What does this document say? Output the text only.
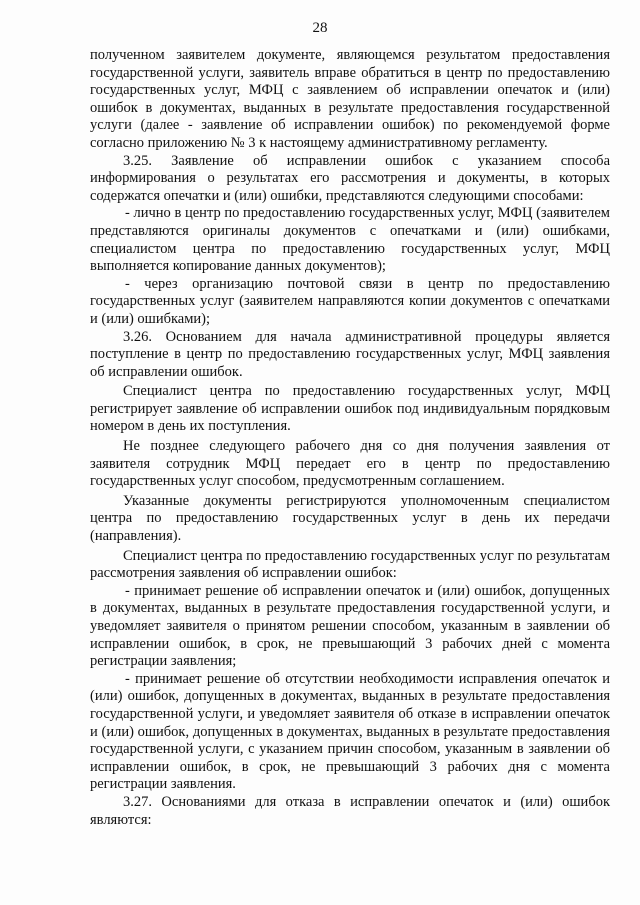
28

полученном заявителем документе, являющемся результатом предоставления государственной услуги, заявитель вправе обратиться в центр по предоставлению государственных услуг, МФЦ с заявлением об исправлении опечаток и (или) ошибок в документах, выданных в результате предоставления государственной услуги (далее - заявление об исправлении ошибок) по рекомендуемой форме согласно приложению № 3 к настоящему административному регламенту.

3.25. Заявление об исправлении ошибок с указанием способа информирования о результатах его рассмотрения и документы, в которых содержатся опечатки и (или) ошибки, представляются следующими способами:

- лично в центр по предоставлению государственных услуг, МФЦ (заявителем представляются оригиналы документов с опечатками и (или) ошибками, специалистом центра по предоставлению государственных услуг, МФЦ выполняется копирование данных документов);

- через организацию почтовой связи в центр по предоставлению государственных услуг (заявителем направляются копии документов с опечатками и (или) ошибками);

3.26. Основанием для начала административной процедуры является поступление в центр по предоставлению государственных услуг, МФЦ заявления об исправлении ошибок.

Специалист центра по предоставлению государственных услуг, МФЦ регистрирует заявление об исправлении ошибок под индивидуальным порядковым номером в день их поступления.

Не позднее следующего рабочего дня со дня получения заявления от заявителя сотрудник МФЦ передает его в центр по предоставлению государственных услуг способом, предусмотренным соглашением.

Указанные документы регистрируются уполномоченным специалистом центра по предоставлению государственных услуг в день их передачи (направления).

Специалист центра по предоставлению государственных услуг по результатам рассмотрения заявления об исправлении ошибок:

- принимает решение об исправлении опечаток и (или) ошибок, допущенных в документах, выданных в результате предоставления государственной услуги, и уведомляет заявителя о принятом решении способом, указанным в заявлении об исправлении ошибок, в срок, не превышающий 3 рабочих дней с момента регистрации заявления;

- принимает решение об отсутствии необходимости исправления опечаток и (или) ошибок, допущенных в документах, выданных в результате предоставления государственной услуги, и уведомляет заявителя об отказе в исправлении опечаток и (или) ошибок, допущенных в документах, выданных в результате предоставления государственной услуги, с указанием причин способом, указанным в заявлении об исправлении ошибок, в срок, не превышающий 3 рабочих дня с момента регистрации заявления.

3.27. Основаниями для отказа в исправлении опечаток и (или) ошибок являются:
